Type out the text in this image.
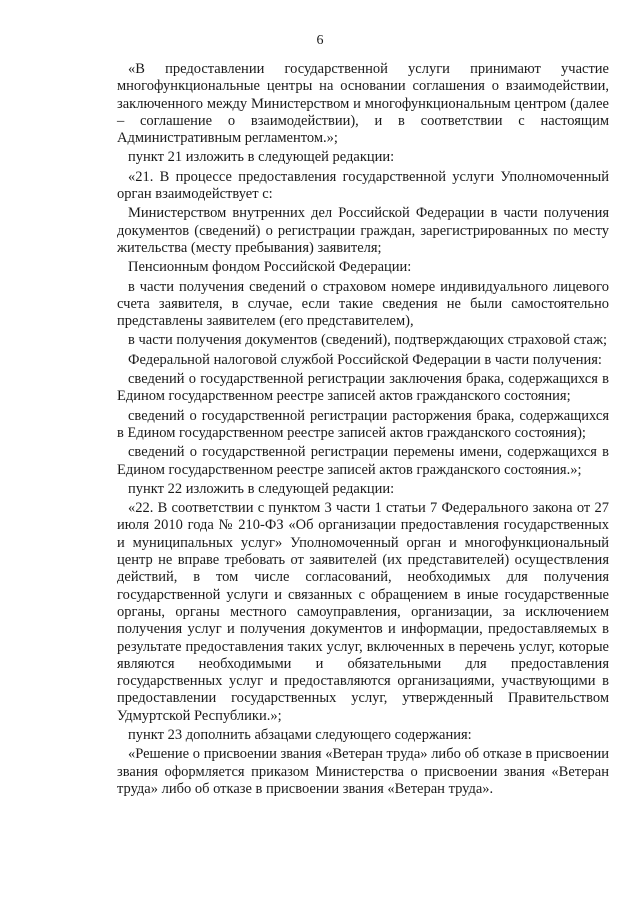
6

«В предоставлении государственной услуги принимают участие многофункциональные центры на основании соглашения о взаимодействии, заключенного между Министерством и многофункциональным центром (далее – соглашение о взаимодействии), и в соответствии с настоящим Административным регламентом.»;

пункт 21 изложить в следующей редакции:

«21. В процессе предоставления государственной услуги Уполномоченный орган взаимодействует с:

Министерством внутренних дел Российской Федерации в части получения документов (сведений) о регистрации граждан, зарегистрированных по месту жительства (месту пребывания) заявителя;

Пенсионным фондом Российской Федерации:

в части получения сведений о страховом номере индивидуального лицевого счета заявителя, в случае, если такие сведения не были самостоятельно представлены заявителем (его представителем),

в части получения документов (сведений), подтверждающих страховой стаж;

Федеральной налоговой службой Российской Федерации в части получения:

сведений о государственной регистрации заключения брака, содержащихся в Едином государственном реестре записей актов гражданского состояния;

сведений о государственной регистрации расторжения брака, содержащихся в Едином государственном реестре записей актов гражданского состояния);

сведений о государственной регистрации перемены имени, содержащихся в Едином государственном реестре записей актов гражданского состояния.»;

пункт 22 изложить в следующей редакции:

«22. В соответствии с пунктом 3 части 1 статьи 7 Федерального закона от 27 июля 2010 года № 210-ФЗ «Об организации предоставления государственных и муниципальных услуг» Уполномоченный орган и многофункциональный центр не вправе требовать от заявителей (их представителей) осуществления действий, в том числе согласований, необходимых для получения государственной услуги и связанных с обращением в иные государственные органы, органы местного самоуправления, организации, за исключением получения услуг и получения документов и информации, предоставляемых в результате предоставления таких услуг, включенных в перечень услуг, которые являются необходимыми и обязательными для предоставления государственных услуг и предоставляются организациями, участвующими в предоставлении государственных услуг, утвержденный Правительством Удмуртской Республики.»;

пункт 23 дополнить абзацами следующего содержания:

«Решение о присвоении звания «Ветеран труда» либо об отказе в присвоении звания оформляется приказом Министерства о присвоении звания «Ветеран труда» либо об отказе в присвоении звания «Ветеран труда».
